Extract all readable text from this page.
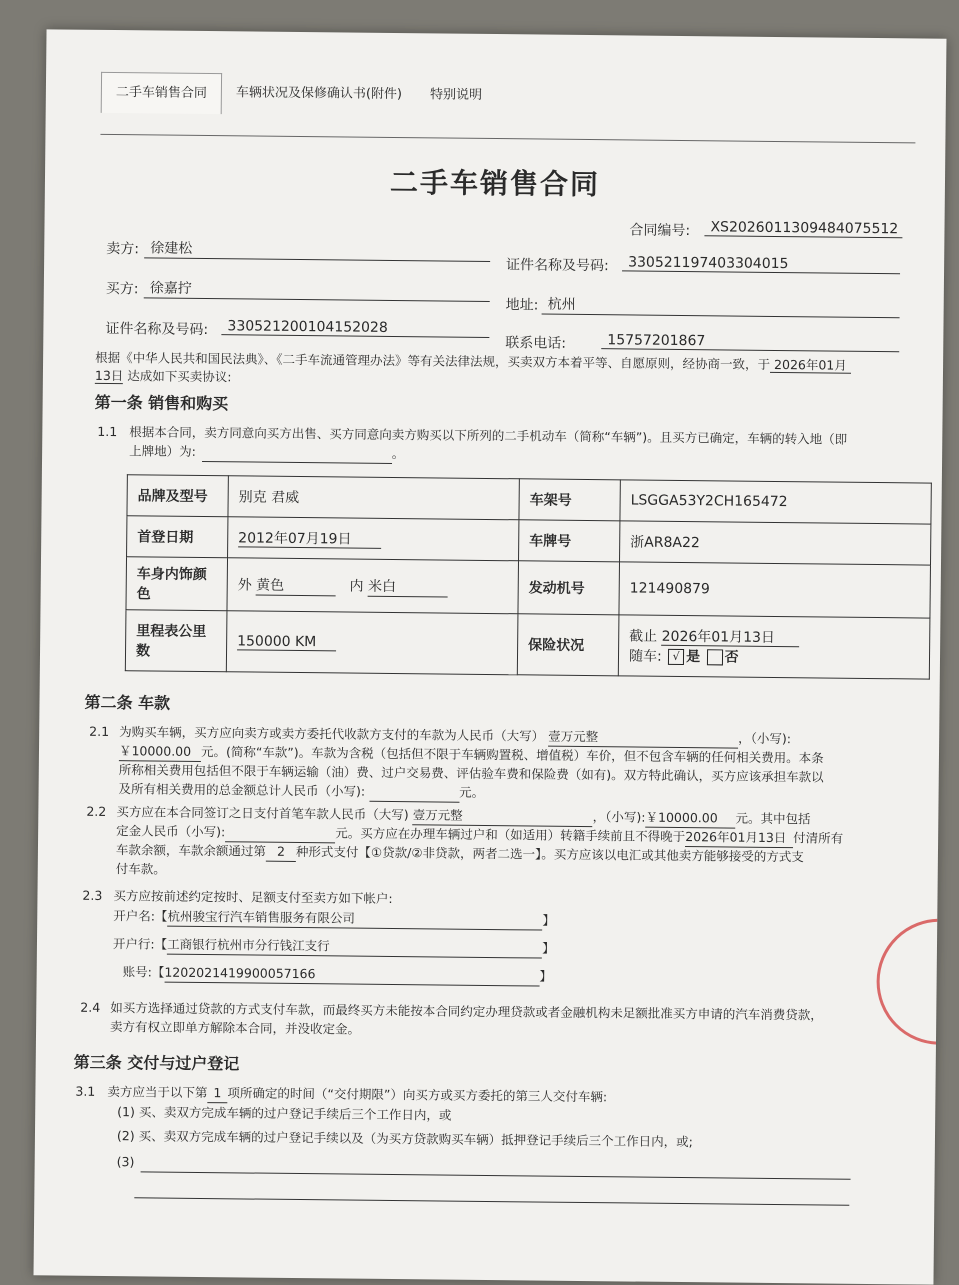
二手车销售合同	车辆状况及保修确认书(附件)	特别说明
二手车销售合同
合同编号:	XS2026011309484075512
卖方: 徐建松
证件名称及号码:	330521197403304015
买方: 徐嘉拧
地址: 杭州
证件名称及号码:	330521200104152028
联系电话:	15757201867
根据《中华人民共和国民法典》、《二手车流通管理办法》等有关法律法规，买卖双方本着平等、自愿原则，经协商一致，于 2026年01月
13日 达成如下买卖协议:
第一条 销售和购买
1.1 根据本合同，卖方同意向买方出售、买方同意向卖方购买以下所列的二手机动车（简称“车辆”)。且买方已确定，车辆的转入地（即
上牌地）为:	。
品牌及型号	别克 君威	车架号	LSGGA53Y2CH165472
首登日期	2012年07月19日	车牌号	浙AR8A22
车身内饰颜
色	外 黄色 内 米白	发动机号	121490879
里程表公里
数	150000 KM	保险状况	截止 2026年01月13日
随车: √ 是 否
第二条 车款
2.1 为购买车辆，买方应向卖方或卖方委托代收款方支付的车款为人民币（大写） 壹万元整	，（小写):
￥10000.00 元。(简称“车款”)。车款为含税（包括但不限于车辆购置税、增值税）车价，但不包含车辆的任何相关费用。本条
所称相关费用包括但不限于车辆运输（油）费、过户交易费、评估验车费和保险费（如有)。双方特此确认，买方应该承担车款以
及所有相关费用的总金额总计人民币（小写):	元。
2.2 买方应在本合同签订之日支付首笔车款人民币（大写) 壹万元整	，（小写):￥10000.00 元。其中包括
定金人民币（小写):	元。买方应在办理车辆过户和（如适用）转籍手续前且不得晚于2026年01月13日 付清所有
车款余额，车款余额通过第 2 种形式支付【①贷款/②非贷款，两者二选一】。买方应该以电汇或其他卖方能够接受的方式支
付车款。
2.3 买方应按前述约定按时、足额支付至卖方如下帐户:
开户名:【杭州骏宝行汽车销售服务有限公司	】
开户行:【工商银行杭州市分行钱江支行	】
账号:【1202021419900057166	】
2.4 如买方选择通过贷款的方式支付车款，而最终买方未能按本合同约定办理贷款或者金融机构未足额批准买方申请的汽车消费贷款，
卖方有权立即单方解除本合同，并没收定金。
第三条 交付与过户登记
3.1 卖方应当于以下第 1 项所确定的时间（“交付期限”）向买方或买方委托的第三人交付车辆:
(1) 买、卖双方完成车辆的过户登记手续后三个工作日内，或
(2) 买、卖双方完成车辆的过户登记手续以及（为买方贷款购买车辆）抵押登记手续后三个工作日内，或;
(3)
